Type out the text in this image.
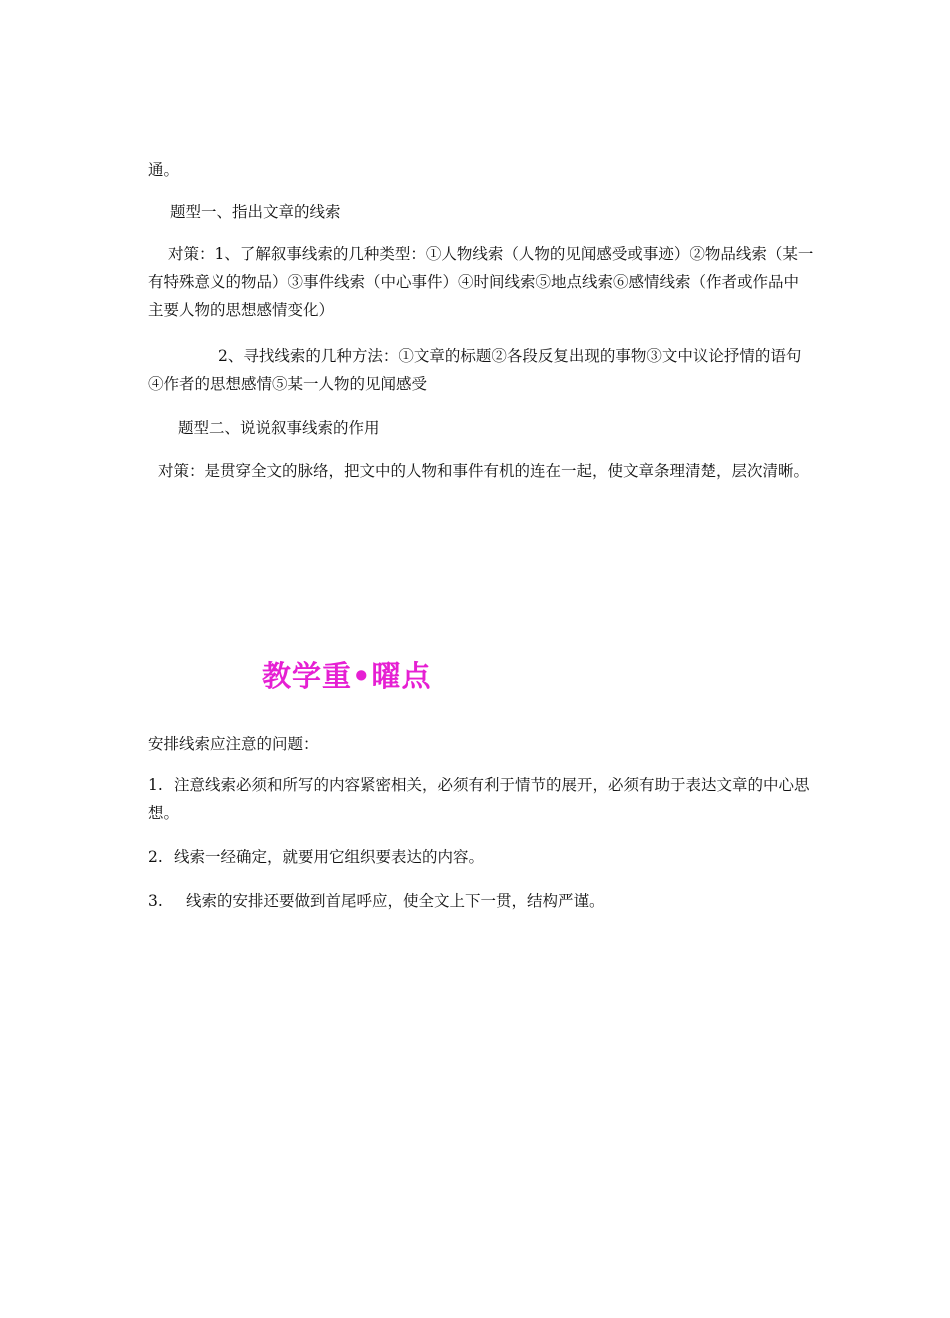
通。

题型一、指出文章的线索

对策：1、了解叙事线索的几种类型：①人物线索（人物的见闻感受或事迹）②物品线索（某一有特殊意义的物品）③事件线索（中心事件）④时间线索⑤地点线索⑥感情线索（作者或作品中主要人物的思想感情变化）

2、寻找线索的几种方法：①文章的标题②各段反复出现的事物③文中议论抒情的语句④作者的思想感情⑤某一人物的见闻感受

题型二、说说叙事线索的作用

对策：是贯穿全文的脉络，把文中的人物和事件有机的连在一起，使文章条理清楚，层次清晰。

教学重•曜点

安排线索应注意的问题：

1. 注意线索必须和所写的内容紧密相关，必须有利于情节的展开，必须有助于表达文章的中心思想。

2. 线索一经确定，就要用它组织要表达的内容。

3. 线索的安排还要做到首尾呼应，使全文上下一贯，结构严谨。
